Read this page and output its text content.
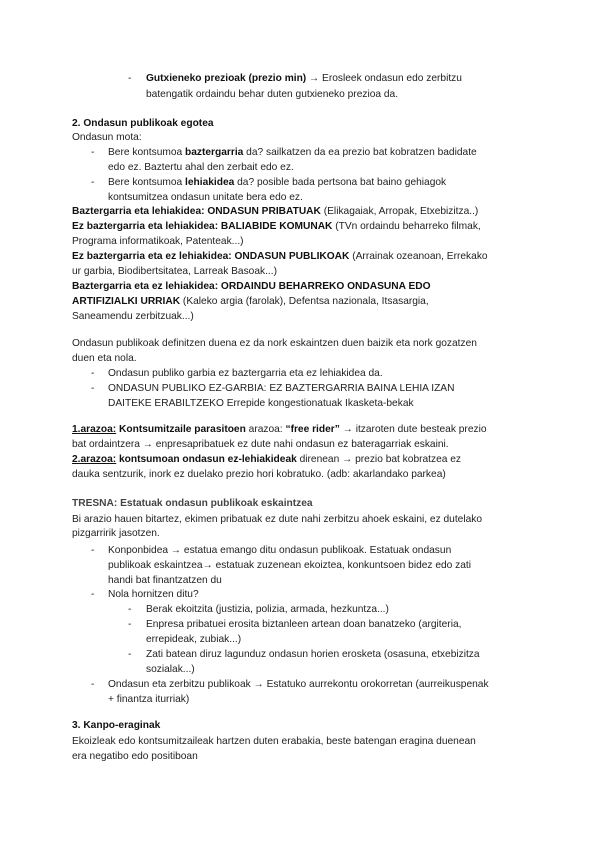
- Gutxieneko prezioak (prezio min) → Erosleek ondasun edo zerbitzu
batengatik ordaindu behar duten gutxieneko prezioa da.
2. Ondasun publikoak egotea
Ondasun mota:
- Bere kontsumoa baztergarria da? sailkatzen da ea prezio bat kobratzen badidate
edo ez. Baztertu ahal den zerbait edo ez.
- Bere kontsumoa lehiakidea da? posible bada pertsona bat baino gehiagok
kontsumitzea ondasun unitate bera edo ez.
Baztergarria eta lehiakidea: ONDASUN PRIBATUAK (Elikagaiak, Arropak, Etxebizitza..)
Ez baztergarria eta lehiakidea: BALIABIDE KOMUNAK (TVn ordaindu beharreko filmak,
Programa informatikoak, Patenteak...)
Ez baztergarria eta ez lehiakidea: ONDASUN PUBLIKOAK (Arrainak ozeanoan, Errekako
ur garbia, Biodibertsitatea, Larreak Basoak...)
Baztergarria eta ez lehiakidea: ORDAINDU BEHARREKO ONDASUNA EDO
ARTIFIZIALKI URRIAK (Kaleko argia (farolak), Defentsa nazionala, Itsasargia,
Saneamendu zerbitzuak...)
Ondasun publikoak definitzen duena ez da nork eskaintzen duen baizik eta nork gozatzen
duen eta nola.
- Ondasun publiko garbia ez baztergarria eta ez lehiakidea da.
- ONDASUN PUBLIKO EZ-GARBIA: EZ BAZTERGARRIA BAINA LEHIA IZAN
DAITEKE ERABILTZEKO Errepide kongestionatuak Ikasketa-bekak
1.arazoa: Kontsumitzaile parasitoen arazoa: “free rider” → itzaroten dute besteak prezio
bat ordaintzera → enpresapribatuek ez dute nahi ondasun ez bateragarriak eskaini.
2.arazoa: kontsumoan ondasun ez-lehiakideak direnean → prezio bat kobratzea ez
dauka sentzurik, inork ez duelako prezio hori kobratuko. (adb: akarlandako parkea)
TRESNA: Estatuak ondasun publikoak eskaintzea
Bi arazio hauen bitartez, ekimen pribatuak ez dute nahi zerbitzu ahoek eskaini, ez dutelako
pizgarririk jasotzen.
- Konponbidea → estatua emango ditu ondasun publikoak. Estatuak ondasun
publikoak eskaintzea→ estatuak zuzenean ekoiztea, konkuntsoen bidez edo zati
handi bat finantzatzen du
- Nola hornitzen ditu?
- Berak ekoitzita (justizia, polizia, armada, hezkuntza...)
- Enpresa pribatuei erosita biztanleen artean doan banatzeko (argiteria,
errepideak, zubiak...)
- Zati batean diruz lagunduz ondasun horien erosketa (osasuna, etxebizitza
sozialak...)
- Ondasun eta zerbitzu publikoak → Estatuko aurrekontu orokorretan (aurreikuspenak
+ finantza iturriak)
3. Kanpo-eraginak
Ekoizleak edo kontsumitzaileak hartzen duten erabakia, beste batengan eragina duenean
era negatibo edo positiboan
